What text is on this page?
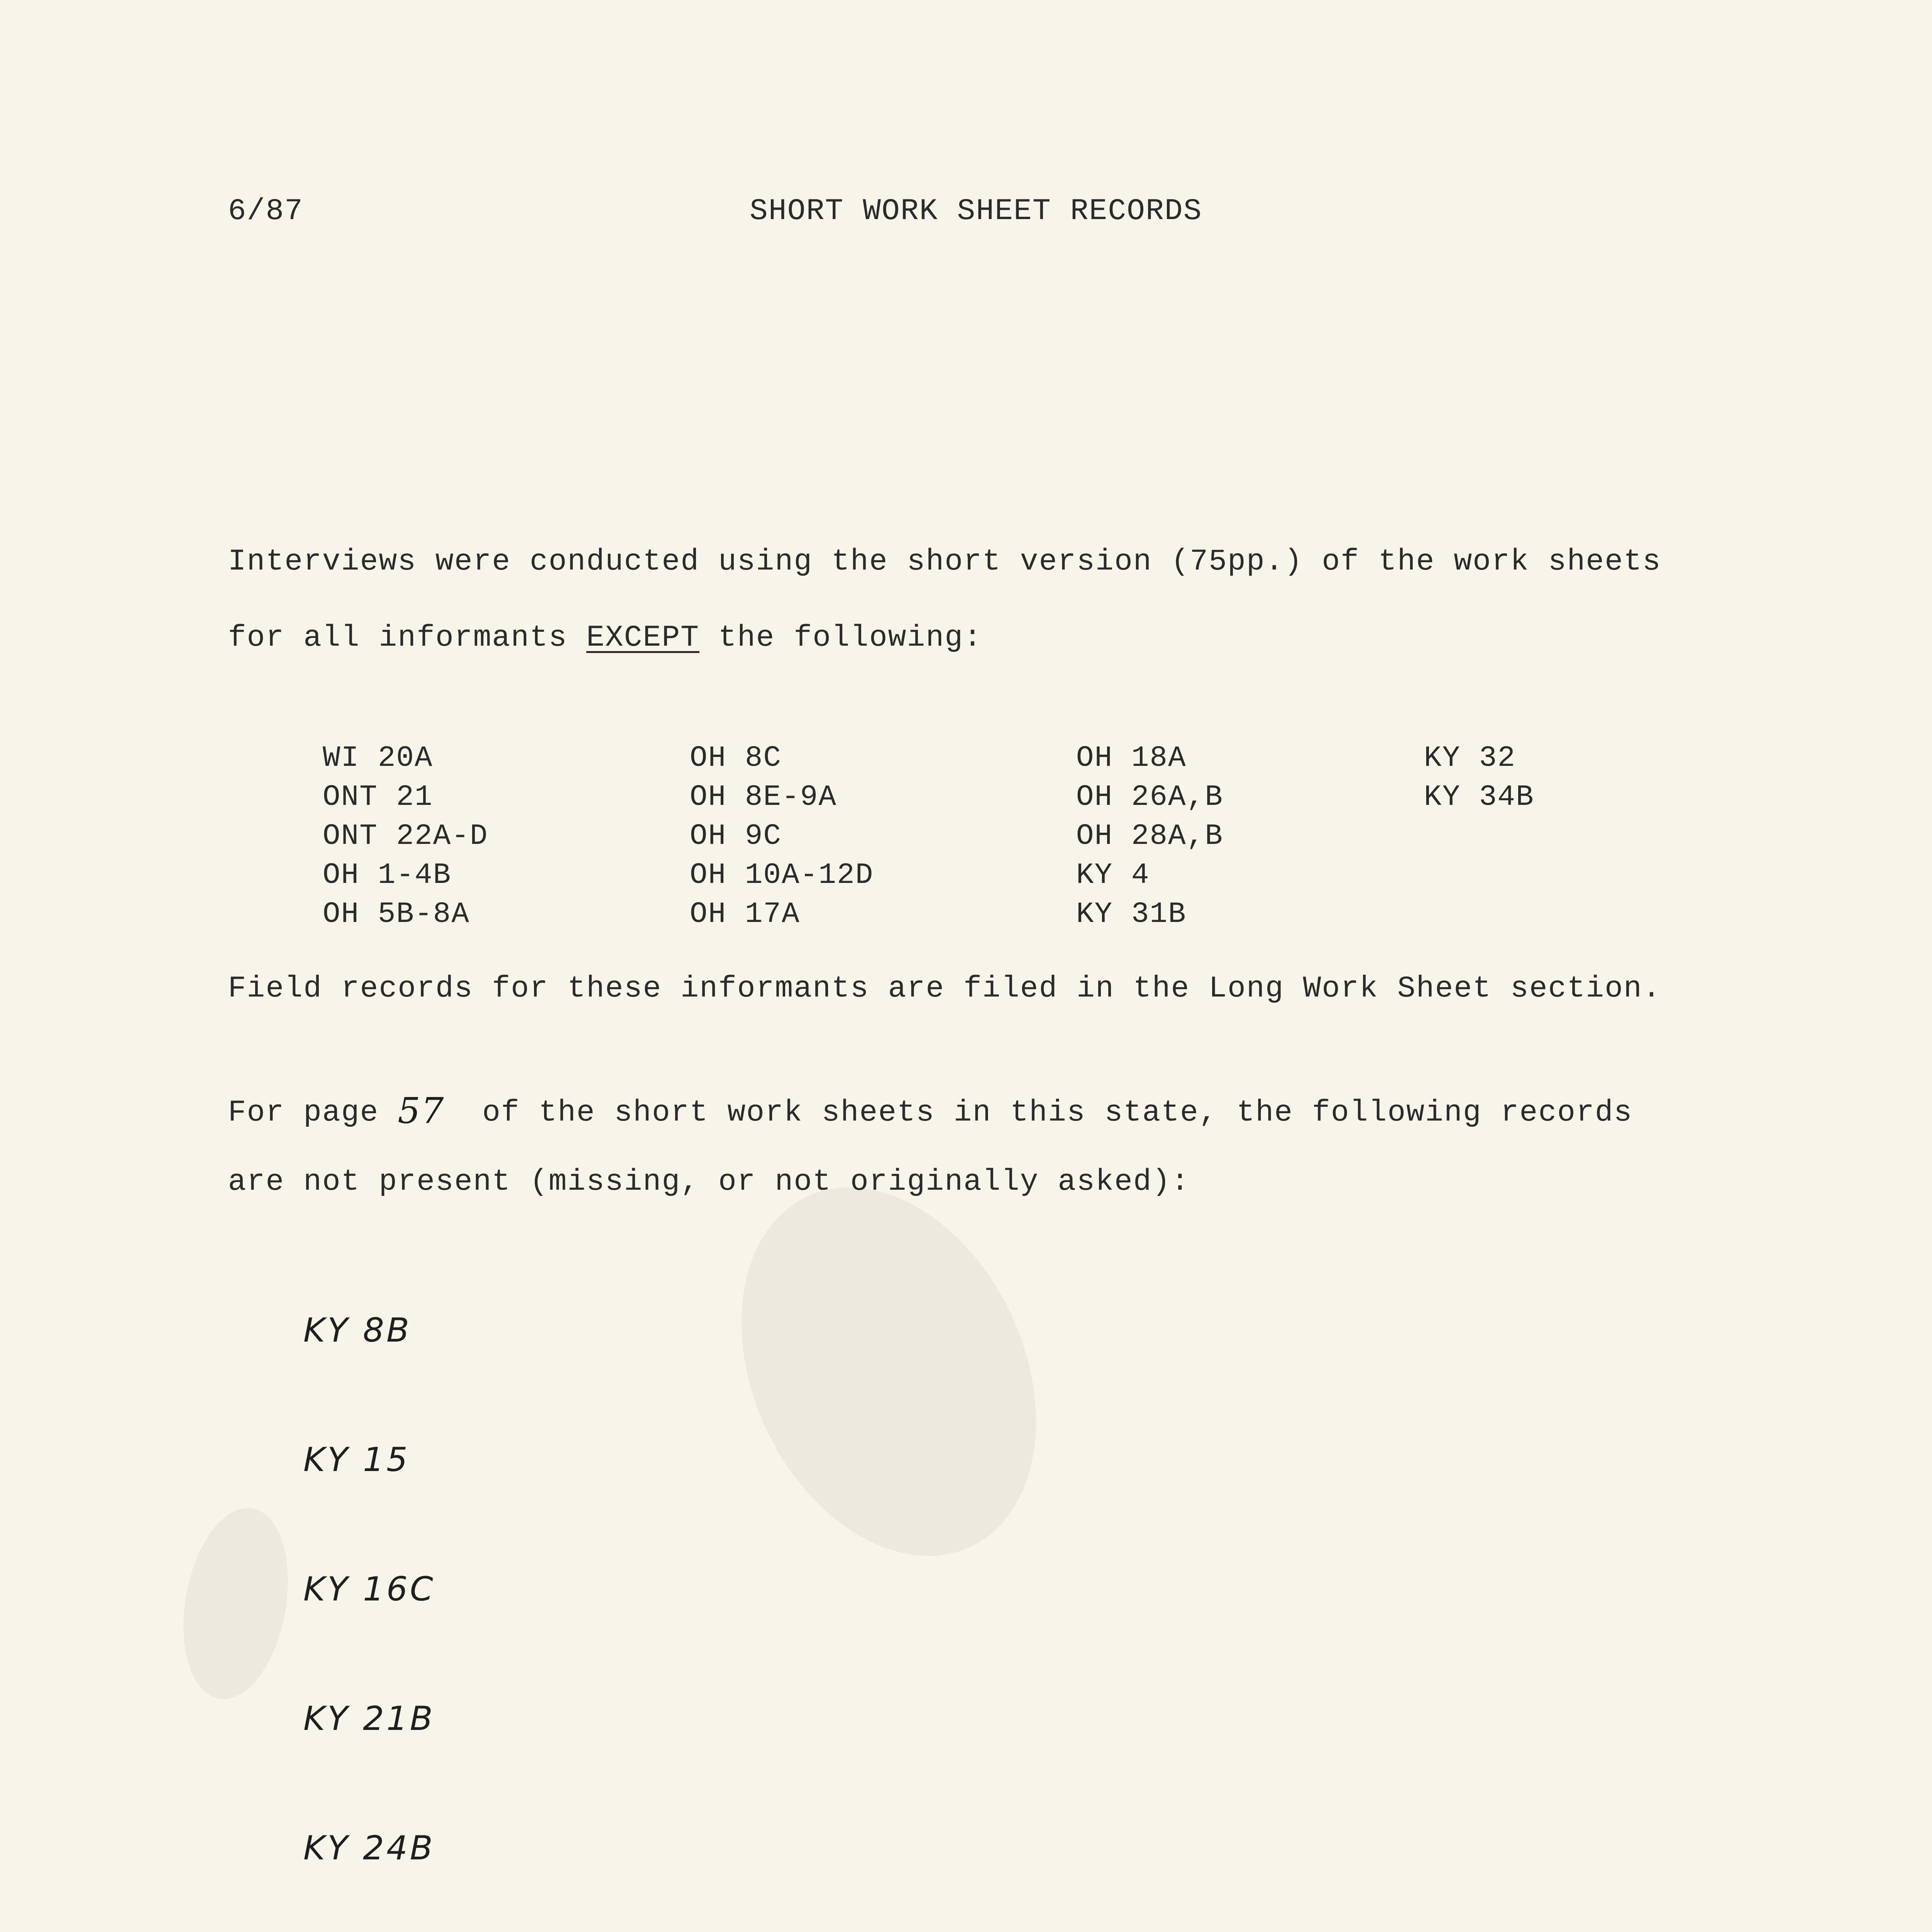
6/87	SHORT WORK SHEET RECORDS
Interviews were conducted using the short version (75pp.) of the work sheets
for all informants EXCEPT the following:
WI 20A
ONT 21
ONT 22A-D
OH 1-4B
OH 5B-8A
OH 8C
OH 8E-9A
OH 9C
OH 10A-12D
OH 17A
OH 18A
OH 26A,B
OH 28A,B
KY 4
KY 31B
KY 32
KY 34B
Field records for these informants are filed in the Long Work Sheet section.
For page 57  of the short work sheets in this state, the following records
are not present (missing, or not originally asked):
KY 8B
KY 15
KY 16C
KY 21B
KY 24B
